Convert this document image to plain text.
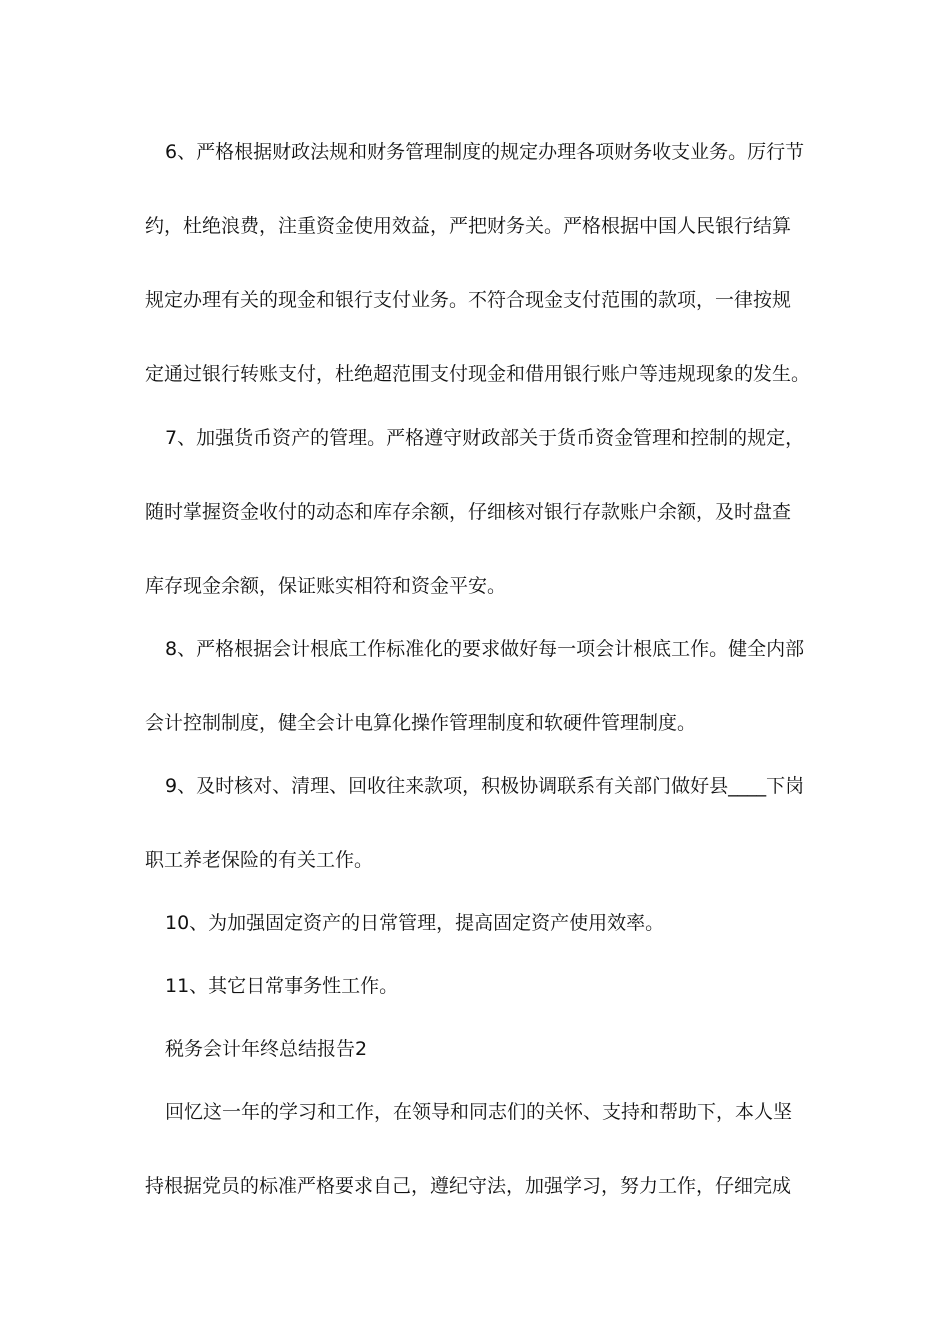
6、严格根据财政法规和财务管理制度的规定办理各项财务收支业务。厉行节
约，杜绝浪费，注重资金使用效益，严把财务关。严格根据中国人民银行结算
规定办理有关的现金和银行支付业务。不符合现金支付范围的款项，一律按规
定通过银行转账支付，杜绝超范围支付现金和借用银行账户等违规现象的发生。
7、加强货币资产的管理。严格遵守财政部关于货币资金管理和控制的规定，
随时掌握资金收付的动态和库存余额，仔细核对银行存款账户余额，及时盘查
库存现金余额，保证账实相符和资金平安。
8、严格根据会计根底工作标准化的要求做好每一项会计根底工作。健全内部
会计控制制度，健全会计电算化操作管理制度和软硬件管理制度。
9、及时核对、清理、回收往来款项，积极协调联系有关部门做好县____下岗
职工养老保险的有关工作。
10、为加强固定资产的日常管理，提高固定资产使用效率。
11、其它日常事务性工作。
税务会计年终总结报告2
回忆这一年的学习和工作，在领导和同志们的关怀、支持和帮助下，本人坚
持根据党员的标准严格要求自己，遵纪守法，加强学习，努力工作，仔细完成
